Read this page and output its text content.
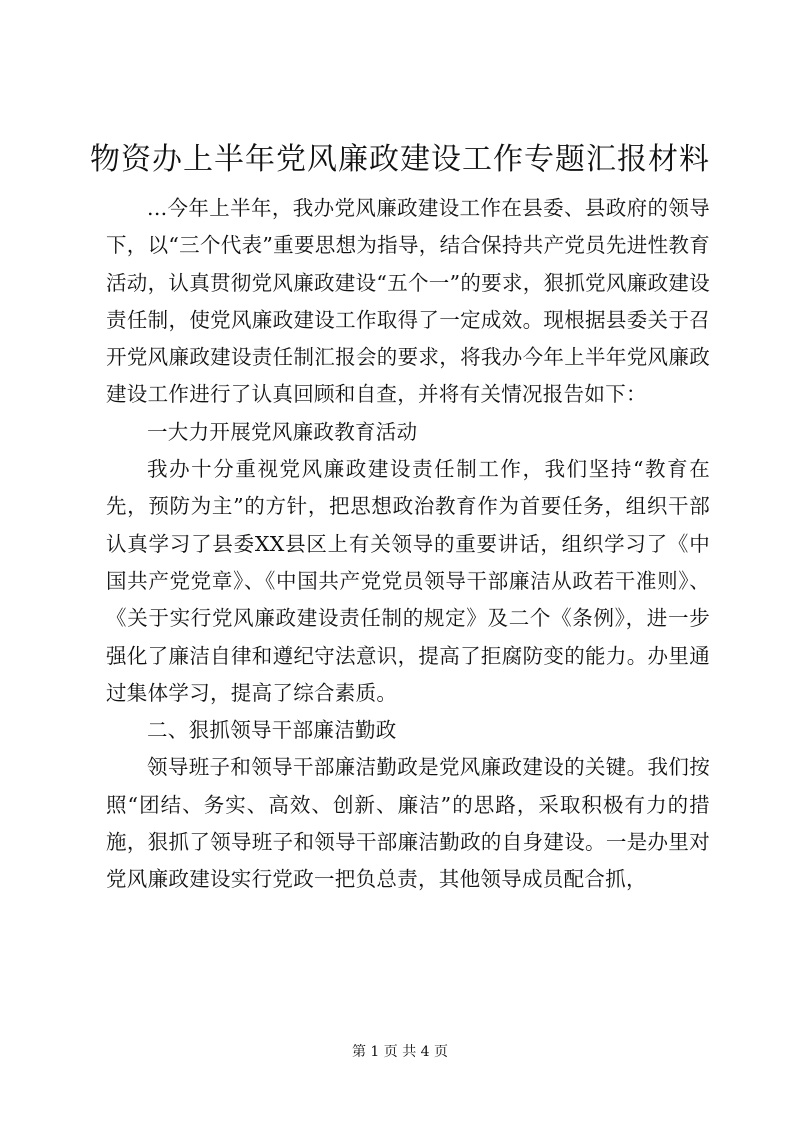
物资办上半年党风廉政建设工作专题汇报材料

...今年上半年，我办党风廉政建设工作在县委、县政府的领导下，以“三个代表”重要思想为指导，结合保持共产党员先进性教育活动，认真贯彻党风廉政建设“五个一”的要求，狠抓党风廉政建设责任制，使党风廉政建设工作取得了一定成效。现根据县委关于召开党风廉政建设责任制汇报会的要求，将我办今年上半年党风廉政建设工作进行了认真回顾和自查，并将有关情况报告如下：

一大力开展党风廉政教育活动

我办十分重视党风廉政建设责任制工作，我们坚持“教育在先，预防为主”的方针，把思想政治教育作为首要任务，组织干部认真学习了县委XX县区上有关领导的重要讲话，组织学习了《中国共产党党章》、《中国共产党党员领导干部廉洁从政若干准则》、《关于实行党风廉政建设责任制的规定》及二个《条例》，进一步强化了廉洁自律和遵纪守法意识，提高了拒腐防变的能力。办里通过集体学习，提高了综合素质。

二、狠抓领导干部廉洁勤政

领导班子和领导干部廉洁勤政是党风廉政建设的关键。我们按照“团结、务实、高效、创新、廉洁”的思路，采取积极有力的措施，狠抓了领导班子和领导干部廉洁勤政的自身建设。一是办里对党风廉政建设实行党政一把负总责，其他领导成员配合抓，

第 1 页 共 4 页
